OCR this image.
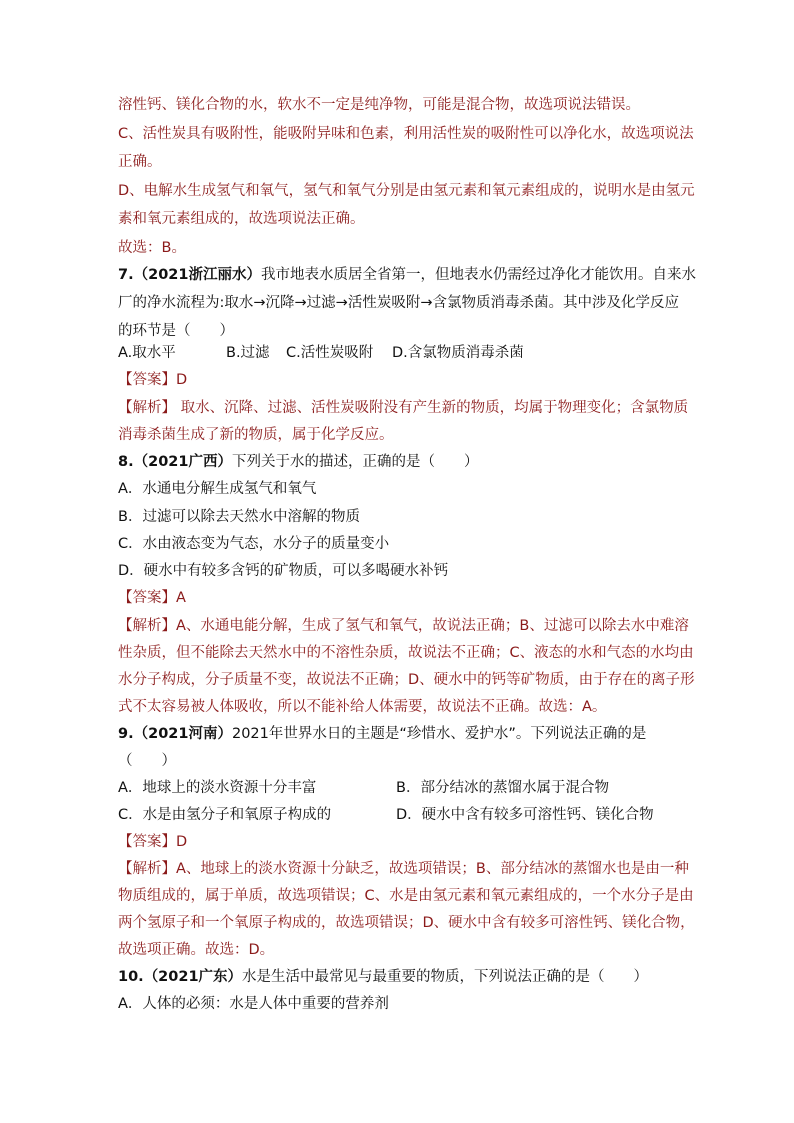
溶性钙、镁化合物的水，软水不一定是纯净物，可能是混合物，故选项说法错误。
C、活性炭具有吸附性，能吸附异味和色素，利用活性炭的吸附性可以净化水，故选项说法
正确。
D、电解水生成氢气和氧气，氢气和氧气分别是由氢元素和氧元素组成的，说明水是由氢元
素和氧元素组成的，故选项说法正确。
故选：B。
7.（2021浙江丽水）我市地表水质居全省第一，但地表水仍需经过净化才能饮用。自来水
厂的净水流程为:取水→沉降→过滤→活性炭吸附→含氯物质消毒杀菌。其中涉及化学反应
的环节是（　　）
A.取水平	B.过滤 C.活性炭吸附 D.含氯物质消毒杀菌
【答案】D
【解析】 取水、沉降、过滤、活性炭吸附没有产生新的物质，均属于物理变化；含氯物质
消毒杀菌生成了新的物质，属于化学反应。
8.（2021广西）下列关于水的描述，正确的是（　　）
A．水通电分解生成氢气和氧气
B．过滤可以除去天然水中溶解的物质
C．水由液态变为气态，水分子的质量变小
D．硬水中有较多含钙的矿物质，可以多喝硬水补钙
【答案】A
【解析】A、水通电能分解，生成了氢气和氧气，故说法正确；B、过滤可以除去水中难溶
性杂质，但不能除去天然水中的不溶性杂质，故说法不正确；C、液态的水和气态的水均由
水分子构成，分子质量不变，故说法不正确；D、硬水中的钙等矿物质，由于存在的离子形
式不太容易被人体吸收，所以不能补给人体需要，故说法不正确。故选：A。
9.（2021河南）2021年世界水日的主题是“珍惜水、爱护水”。下列说法正确的是
（　　）
A．地球上的淡水资源十分丰富	B．部分结冰的蒸馏水属于混合物
C．水是由氢分子和氧原子构成的	D．硬水中含有较多可溶性钙、镁化合物
【答案】D
【解析】A、地球上的淡水资源十分缺乏，故选项错误；B、部分结冰的蒸馏水也是由一种
物质组成的，属于单质，故选项错误；C、水是由氢元素和氧元素组成的，一个水分子是由
两个氢原子和一个氧原子构成的，故选项错误；D、硬水中含有较多可溶性钙、镁化合物，
故选项正确。故选：D。
10.（2021广东）水是生活中最常见与最重要的物质，下列说法正确的是（　　）
A．人体的必须：水是人体中重要的营养剂
